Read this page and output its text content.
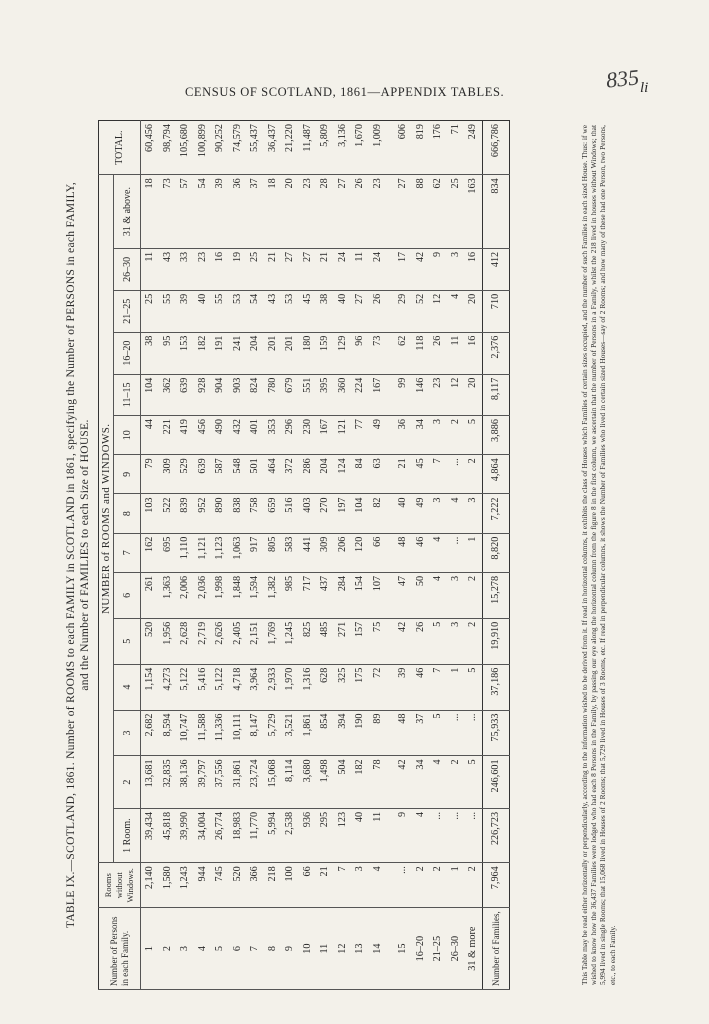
CENSUS OF SCOTLAND, 1861—APPENDIX TABLES.	835 li
TABLE IX.—SCOTLAND, 1861. Number of ROOMS to each FAMILY in SCOTLAND in 1861, specifying the Number of PERSONS in each FAMILY, and the Number of FAMILIES to each Size of HOUSE.
Number of Persons in each Family.	Rooms without Windows.	NUMBER of ROOMS and WINDOWS.															TOTAL.
		1 Room.	2	3	4	5	6	7	8	9	10	11–15	16–20	21–25	26–30	31 & above.	
1	2,140	39,434	13,681	2,682	1,154	520	261	162	103	79	44	104	38	25	11	18	60,456
2	1,580	45,818	32,835	8,594	4,273	1,956	1,363	695	522	309	221	362	95	55	43	73	98,794
3	1,243	39,990	38,136	10,747	5,122	2,628	2,006	1,110	839	529	419	639	153	39	33	57	105,680
4	944	34,004	39,797	11,588	5,416	2,719	2,036	1,121	952	639	456	928	182	40	23	54	100,899
5	745	26,774	37,556	11,336	5,122	2,626	1,998	1,123	890	587	490	904	191	55	16	39	90,252
6	520	18,983	31,861	10,111	4,718	2,405	1,848	1,063	838	548	432	903	241	53	19	36	74,579
7	366	11,770	23,724	8,147	3,964	2,151	1,594	917	758	501	401	824	204	54	25	37	55,437
8	218	5,994	15,068	5,729	2,933	1,769	1,382	805	659	464	353	780	201	43	21	18	36,437
9	100	2,538	8,114	3,521	1,970	1,245	985	583	516	372	296	679	201	53	27	20	21,220
10	66	936	3,680	1,861	1,316	825	717	441	403	286	230	551	180	45	27	23	11,487
11	21	295	1,498	854	628	485	437	309	270	204	167	395	159	38	21	28	5,809
12	7	123	504	394	325	271	284	206	197	124	121	360	129	40	24	27	3,136
13	3	40	182	190	175	157	154	120	104	84	77	224	96	27	11	26	1,670
14	4	11	78	89	72	75	107	66	82	63	49	167	73	26	24	23	1,009

15	...	9	42	48	39	42	47	48	40	21	36	99	62	29	17	27	606
16–20	2	4	34	37	46	26	50	46	49	45	34	146	118	52	42	88	819
21–25	2	...	4	5	7	5	4	4	3	7	3	23	26	12	9	62	176
26–30	1	...	2	...	1	3	3	...	4	...	2	12	11	4	3	25	71
31 & more	2	...	5	...	5	2	2	1	3	2	5	20	16	20	16	163	249
Number of Families,	7,964	226,723	246,601	75,933	37,186	19,910	15,278	8,820	7,222	4,864	3,886	8,117	2,376	710	412	834	666,786	This Table may be read either horizontally or perpendicularly, according to the information wished to be derived from it. If read in horizontal columns, it exhibits the class of Houses which Families of certain sizes occupied, and the number of such Families in each sized House. Thus: if we wished to know how the 36,437 Families were lodged who had each 8 Persons in the Family, by passing our eye along the horizontal column from the figure 8 in the first column, we ascertain that the number of Persons in a Family, whilst the 218 lived in houses without Windows; that 5,994 lived in single Rooms; that 15,068 lived in Houses of 2 Rooms; that 5,729 lived in Houses of 3 Rooms, etc. If read in perpendicular columns, it shows the Number of Families who lived in certain sized Houses—say of 2 Rooms; and how many of these had one Person, two Persons, etc., to each Family.
